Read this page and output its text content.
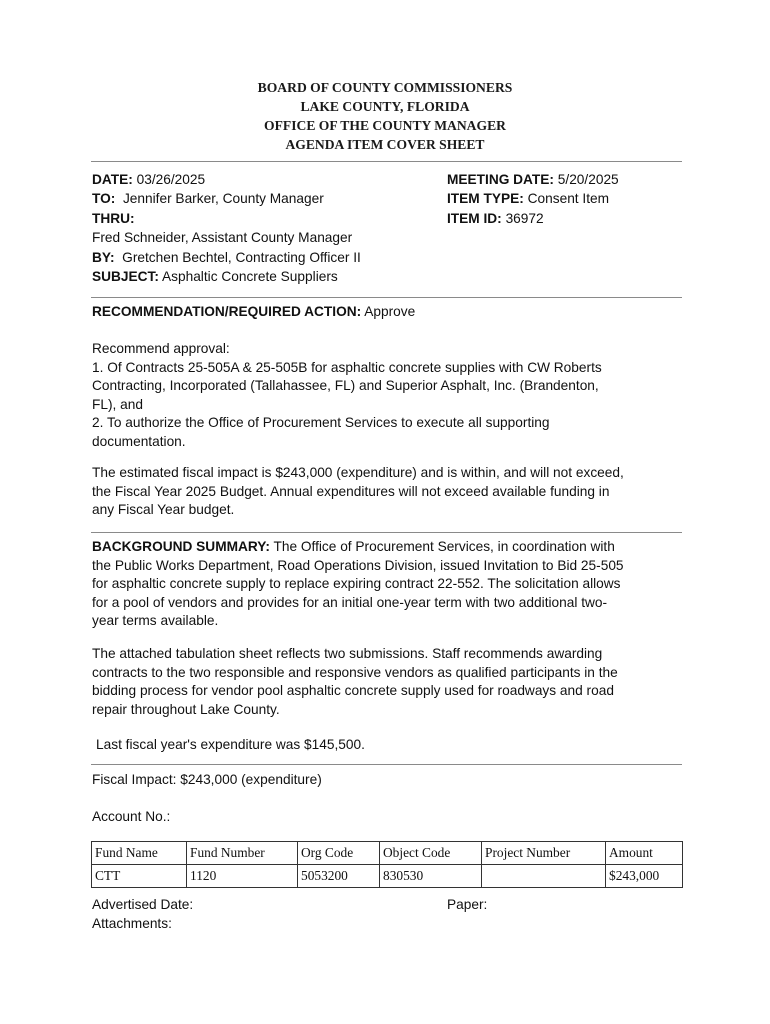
BOARD OF COUNTY COMMISSIONERS
LAKE COUNTY, FLORIDA
OFFICE OF THE COUNTY MANAGER
AGENDA ITEM COVER SHEET
DATE: 03/26/2025
TO: Jennifer Barker, County Manager
THRU:
Fred Schneider, Assistant County Manager
BY: Gretchen Bechtel, Contracting Officer II
SUBJECT: Asphaltic Concrete Suppliers
MEETING DATE: 5/20/2025
ITEM TYPE: Consent Item
ITEM ID: 36972
RECOMMENDATION/REQUIRED ACTION: Approve
Recommend approval:
1. Of Contracts 25-505A & 25-505B for asphaltic concrete supplies with CW Roberts
Contracting, Incorporated (Tallahassee, FL) and Superior Asphalt, Inc. (Brandenton,
FL), and
2. To authorize the Office of Procurement Services to execute all supporting
documentation.
The estimated fiscal impact is $243,000 (expenditure) and is within, and will not exceed,
the Fiscal Year 2025 Budget. Annual expenditures will not exceed available funding in
any Fiscal Year budget.
BACKGROUND SUMMARY: The Office of Procurement Services, in coordination with
the Public Works Department, Road Operations Division, issued Invitation to Bid 25-505
for asphaltic concrete supply to replace expiring contract 22-552. The solicitation allows
for a pool of vendors and provides for an initial one-year term with two additional two-
year terms available.
The attached tabulation sheet reflects two submissions. Staff recommends awarding
contracts to the two responsible and responsive vendors as qualified participants in the
bidding process for vendor pool asphaltic concrete supply used for roadways and road
repair throughout Lake County.
Last fiscal year's expenditure was $145,500.
Fiscal Impact: $243,000 (expenditure)
Account No.:
Fund Name	Fund Number	Org Code	Object Code	Project Number	Amount
CTT	1120	5053200	830530		$243,000
Advertised Date:
Attachments:
Paper:
